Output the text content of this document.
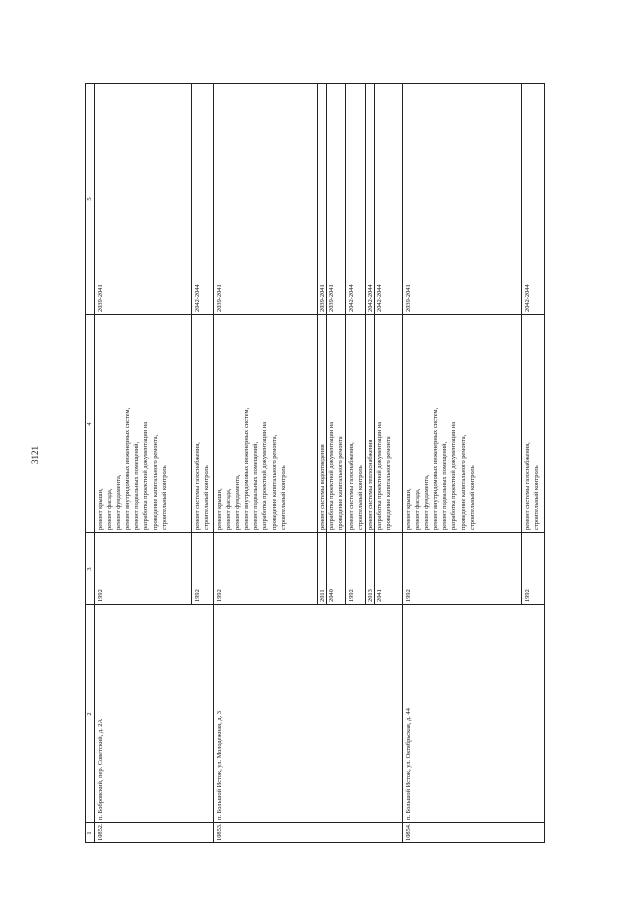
3121
1
2
3
4
5
10852.
п. Бобровский, пер. Советский, д. 2А
1992
ремонт крыши, ремонт фасада, ремонт фундамента, ремонт внутридомовых инженерных систем, ремонт подвальных помещений, разработка проектной документации на проведение капитального ремонта, строительный контроль
2039-2041
1992
ремонт системы газоснабжения, строительный контроль
2042-2044
10853.
п. Большой Исток, ул. Молодежная, д. 3
1992
ремонт крыши, ремонт фасада, ремонт фундамента, ремонт внутридомовых инженерных систем, ремонт подвальных помещений, разработка проектной документации на проведение капитального ремонта, строительный контроль
2039-2041
2011
ремонт системы водоотведения
2039-2041
2040
разработка проектной документации на проведение капитального ремонта
2039-2041
1992
ремонт системы газоснабжения, строительный контроль
2042-2044
2013
ремонт системы теплоснабжения
2042-2044
2041
разработка проектной документации на проведение капитального ремонта
2042-2044
10854.
п. Большой Исток, ул. Октябрьская, д. 44
1992
ремонт крыши, ремонт фасада, ремонт фундамента, ремонт внутридомовых инженерных систем, ремонт подвальных помещений, разработка проектной документации на проведение капитального ремонта, строительный контроль
2039-2041
1992
ремонт системы газоснабжения, строительный контроль
2042-2044
